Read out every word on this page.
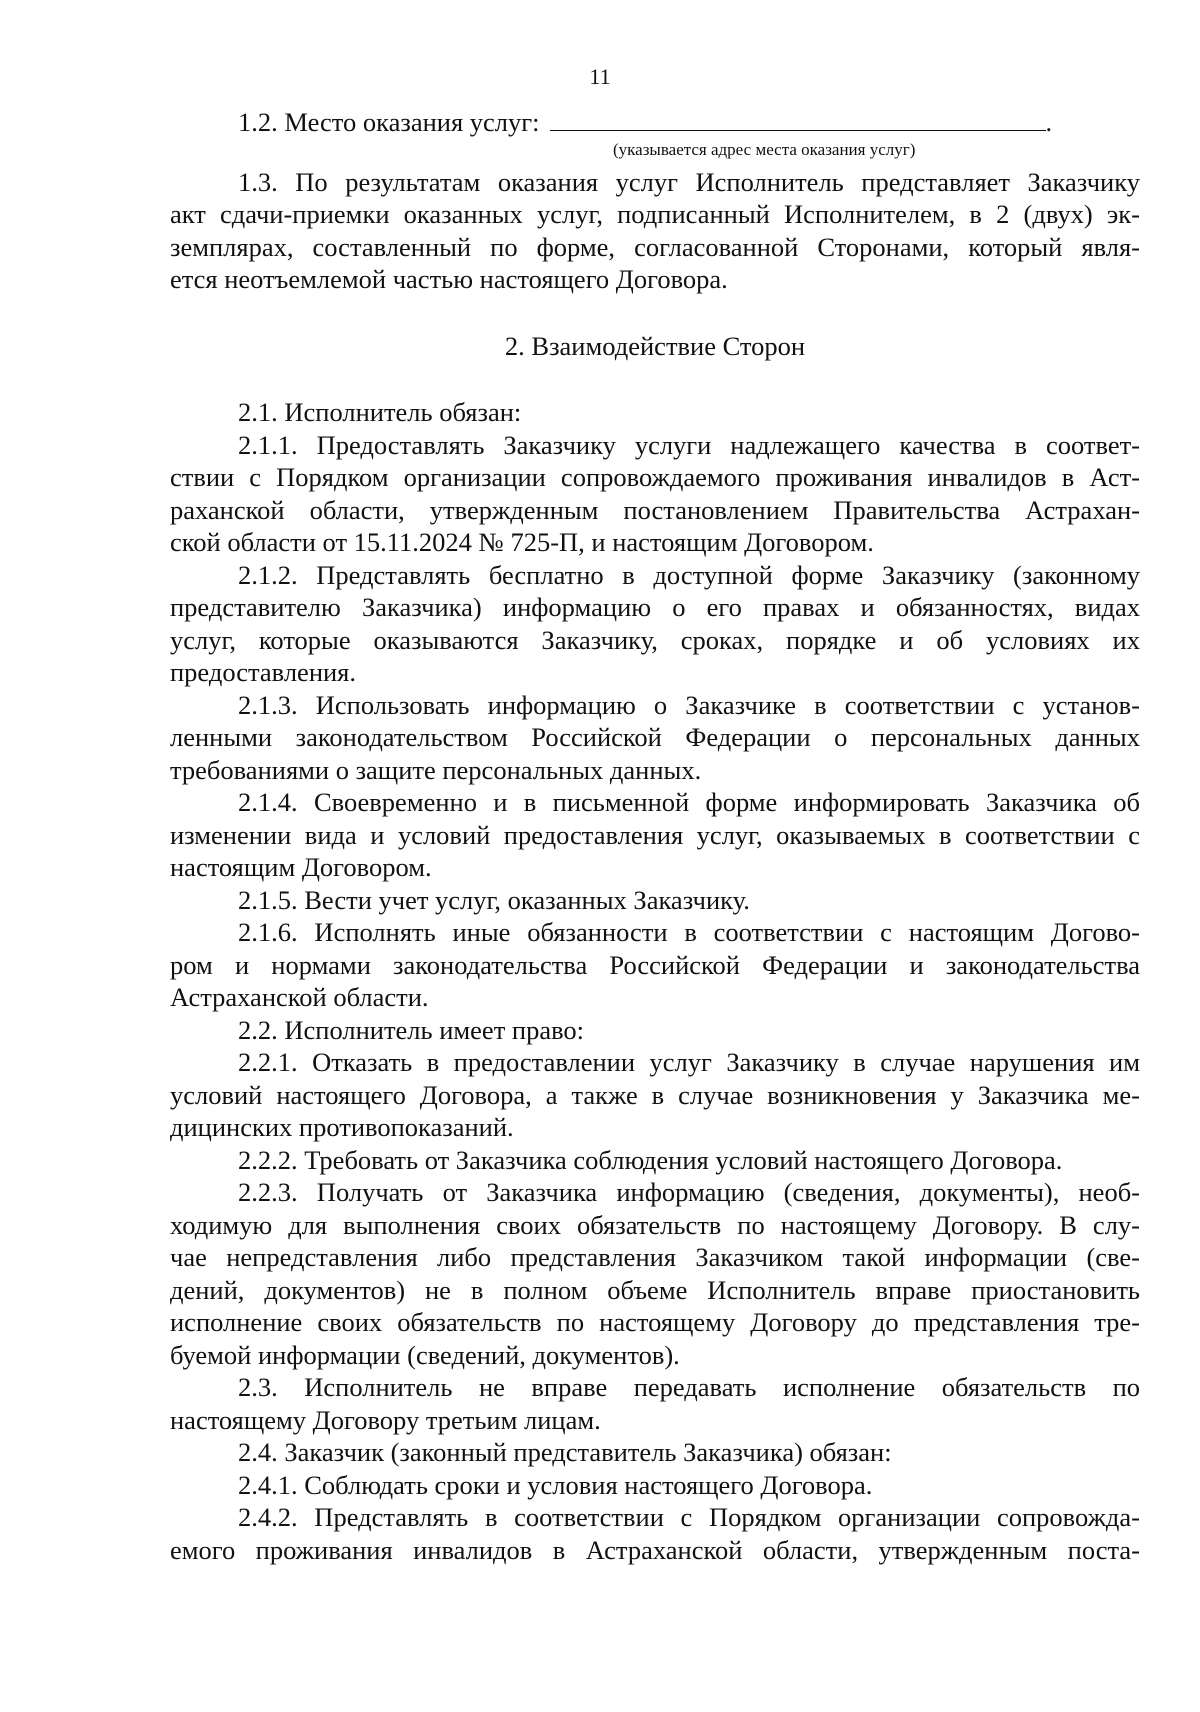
11
1.2. Место оказания услуг:	.
(указывается адрес места оказания услуг)
1.3. По результатам оказания услуг Исполнитель представляет Заказчику
акт сдачи-приемки оказанных услуг, подписанный Исполнителем, в 2 (двух) эк-
земплярах, составленный по форме, согласованной Сторонами, который явля-
ется неотъемлемой частью настоящего Договора.
2. Взаимодействие Сторон
2.1. Исполнитель обязан:
2.1.1. Предоставлять Заказчику услуги надлежащего качества в соответ-
ствии с Порядком организации сопровождаемого проживания инвалидов в Аст-
раханской области, утвержденным постановлением Правительства Астрахан-
ской области от 15.11.2024 № 725-П, и настоящим Договором.
2.1.2. Представлять бесплатно в доступной форме Заказчику (законному
представителю Заказчика) информацию о его правах и обязанностях, видах
услуг, которые оказываются Заказчику, сроках, порядке и об условиях их
предоставления.
2.1.3. Использовать информацию о Заказчике в соответствии с установ-
ленными законодательством Российской Федерации о персональных данных
требованиями о защите персональных данных.
2.1.4. Своевременно и в письменной форме информировать Заказчика об
изменении вида и условий предоставления услуг, оказываемых в соответствии с
настоящим Договором.
2.1.5. Вести учет услуг, оказанных Заказчику.
2.1.6. Исполнять иные обязанности в соответствии с настоящим Догово-
ром и нормами законодательства Российской Федерации и законодательства
Астраханской области.
2.2. Исполнитель имеет право:
2.2.1. Отказать в предоставлении услуг Заказчику в случае нарушения им
условий настоящего Договора, а также в случае возникновения у Заказчика ме-
дицинских противопоказаний.
2.2.2. Требовать от Заказчика соблюдения условий настоящего Договора.
2.2.3. Получать от Заказчика информацию (сведения, документы), необ-
ходимую для выполнения своих обязательств по настоящему Договору. В слу-
чае непредставления либо представления Заказчиком такой информации (све-
дений, документов) не в полном объеме Исполнитель вправе приостановить
исполнение своих обязательств по настоящему Договору до представления тре-
буемой информации (сведений, документов).
2.3. Исполнитель не вправе передавать исполнение обязательств по
настоящему Договору третьим лицам.
2.4. Заказчик (законный представитель Заказчика) обязан:
2.4.1. Соблюдать сроки и условия настоящего Договора.
2.4.2. Представлять в соответствии с Порядком организации сопровожда-
емого проживания инвалидов в Астраханской области, утвержденным поста-
